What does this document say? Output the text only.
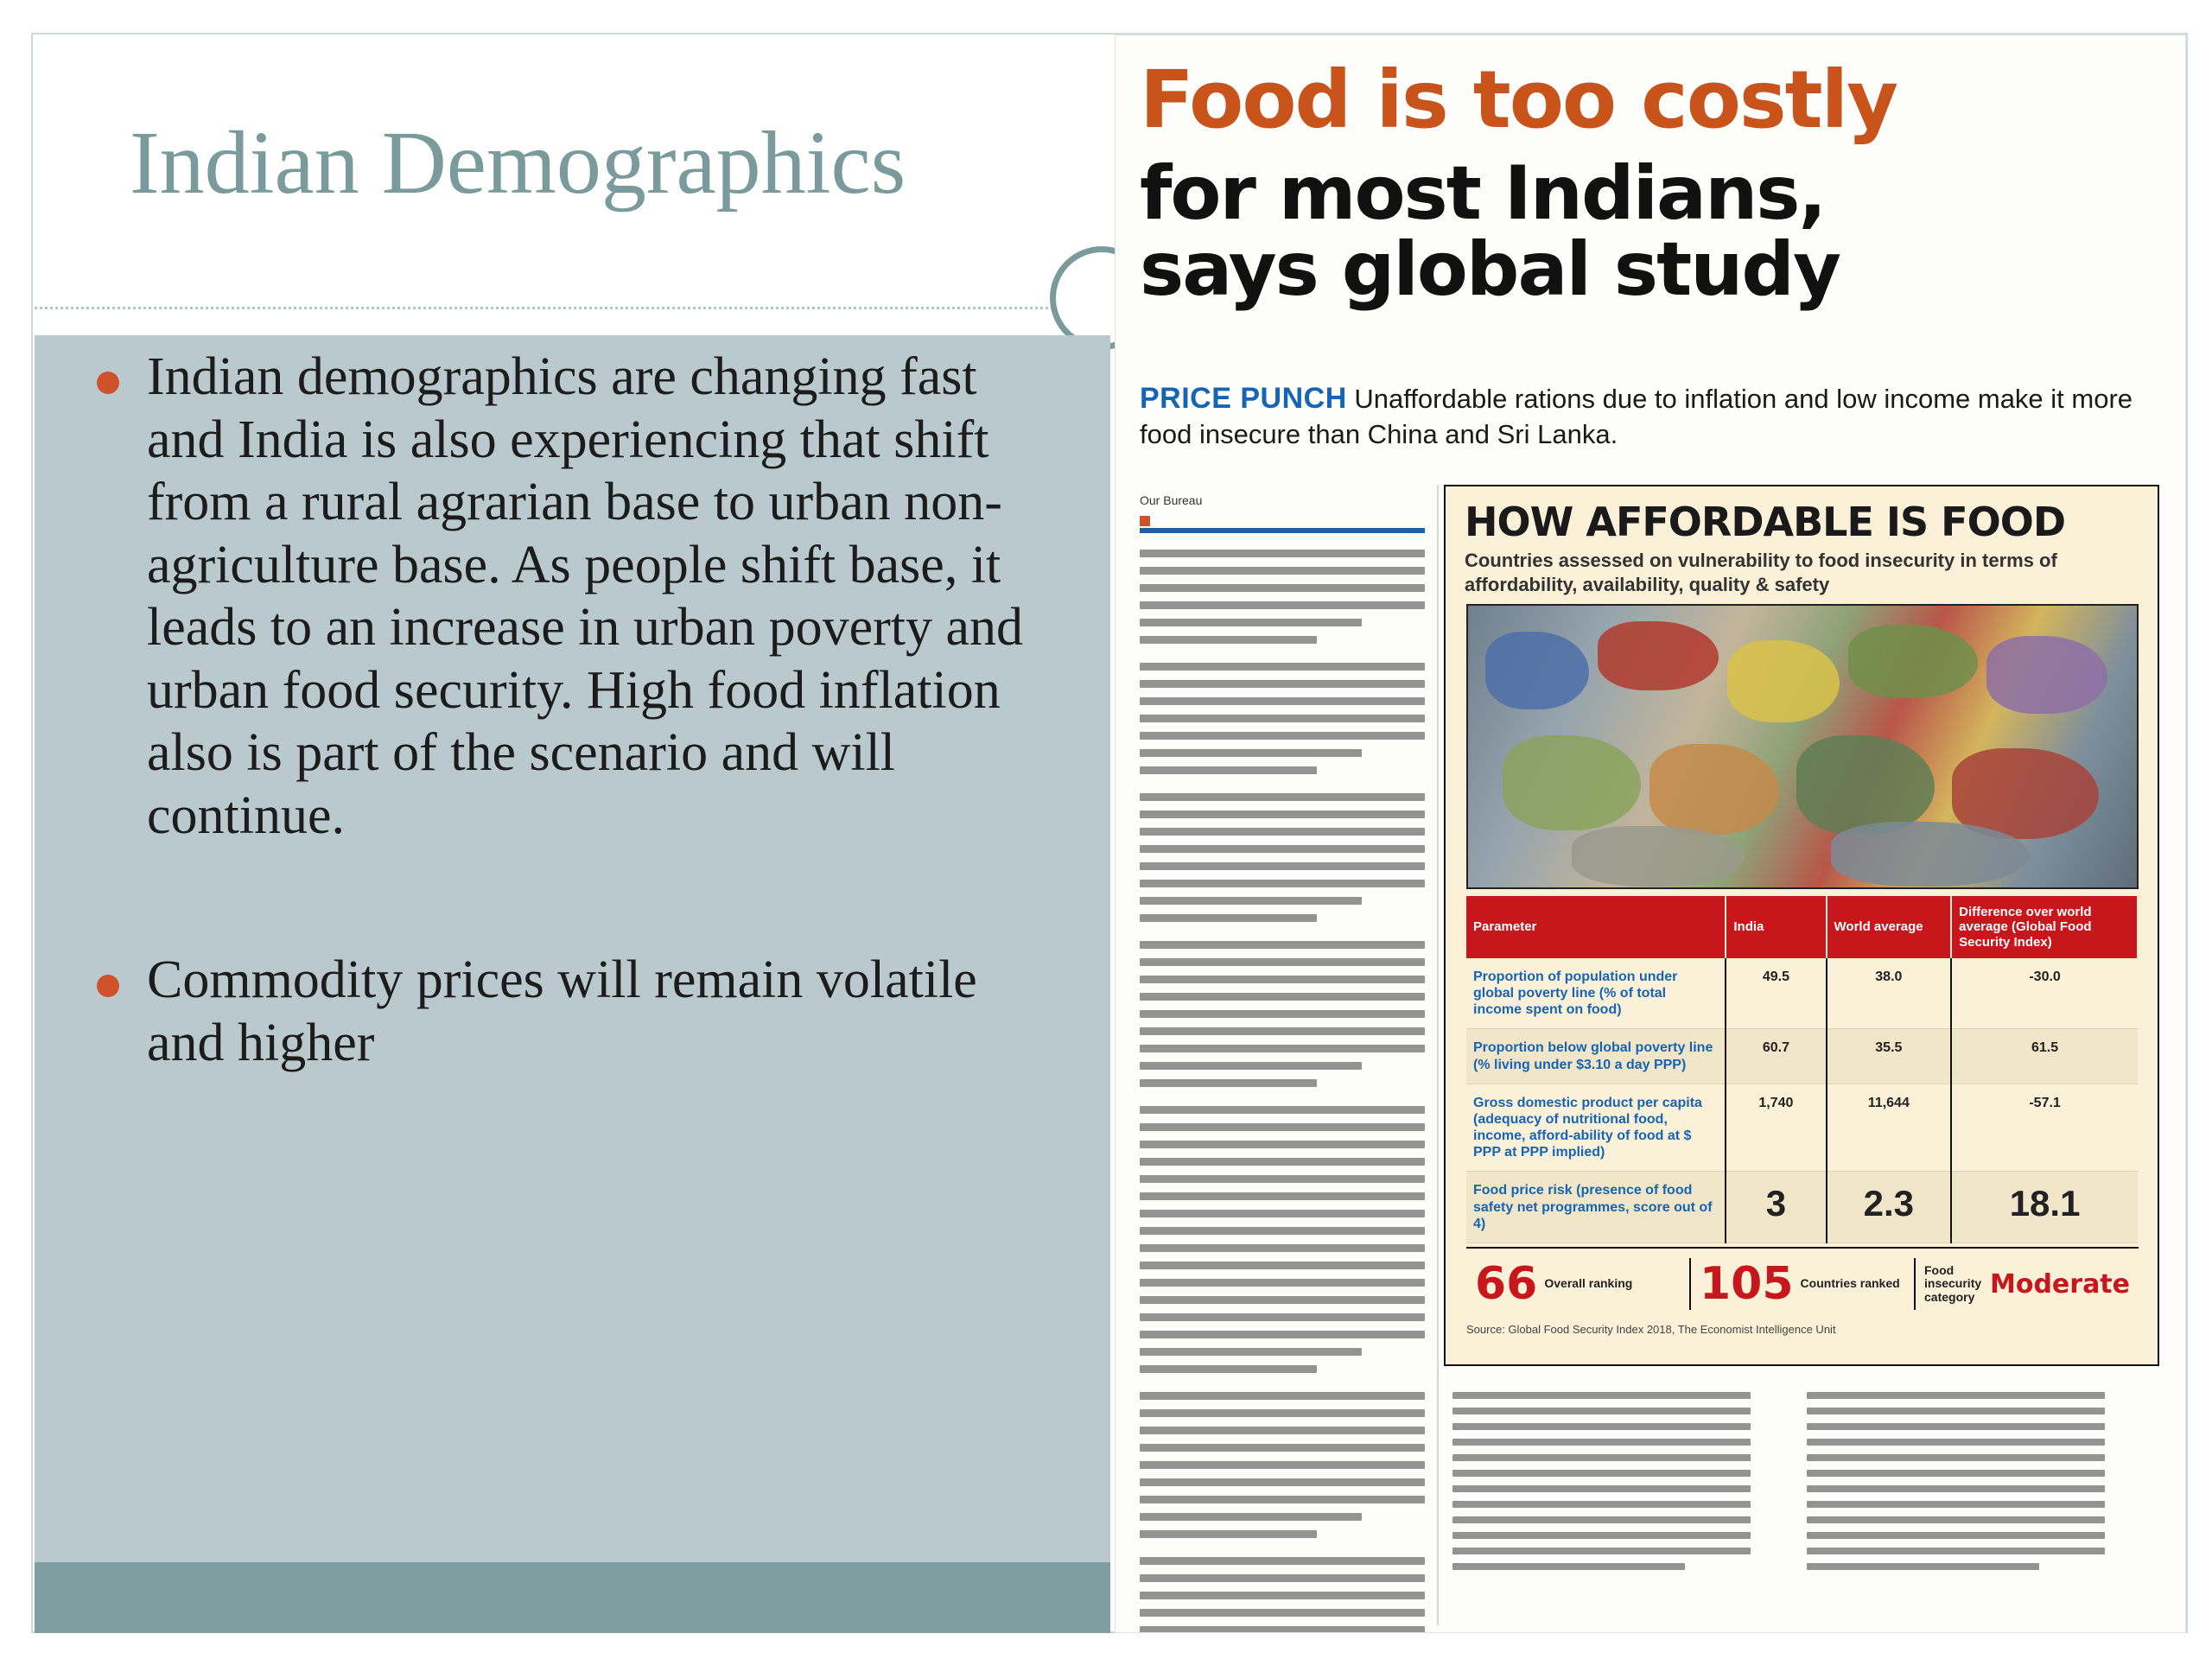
Indian Demographics
Indian demographics are changing fast and India is also experiencing that shift from a rural agrarian base to urban non-agriculture base. As people shift base, it leads to an increase in urban poverty and urban food security. High food inflation also is part of the scenario and will continue.
Commodity prices will remain volatile and higher
Food is too costly
for most Indians,
says global study
PRICE PUNCH Unaffordable rations due to inflation and low income make it more food insecure than China and Sri Lanka.
Our Bureau	HOW AFFORDABLE IS FOOD
Countries assessed on vulnerability to food insecurity in terms of affordability, availability, quality & safety
Parameter	India	World average	Difference over world average (Global Food Security Index)
Proportion of population under global poverty line (% of total income spent on food)	49.5	38.0	-30.0
Proportion below global poverty line (% living under $3.10 a day PPP)	60.7	35.5	61.5
Gross domestic product per capita (adequacy of nutritional food, income, afford-ability of food at $ PPP at PPP implied)	1,740	11,644	-57.1
Food price risk (presence of food safety net programmes, score out of 4)	3	2.3	18.1
66 Overall ranking 105 Countries ranked
Food insecurity category Moderate
Source: Global Food Security Index 2018, The Economist Intelligence Unit
